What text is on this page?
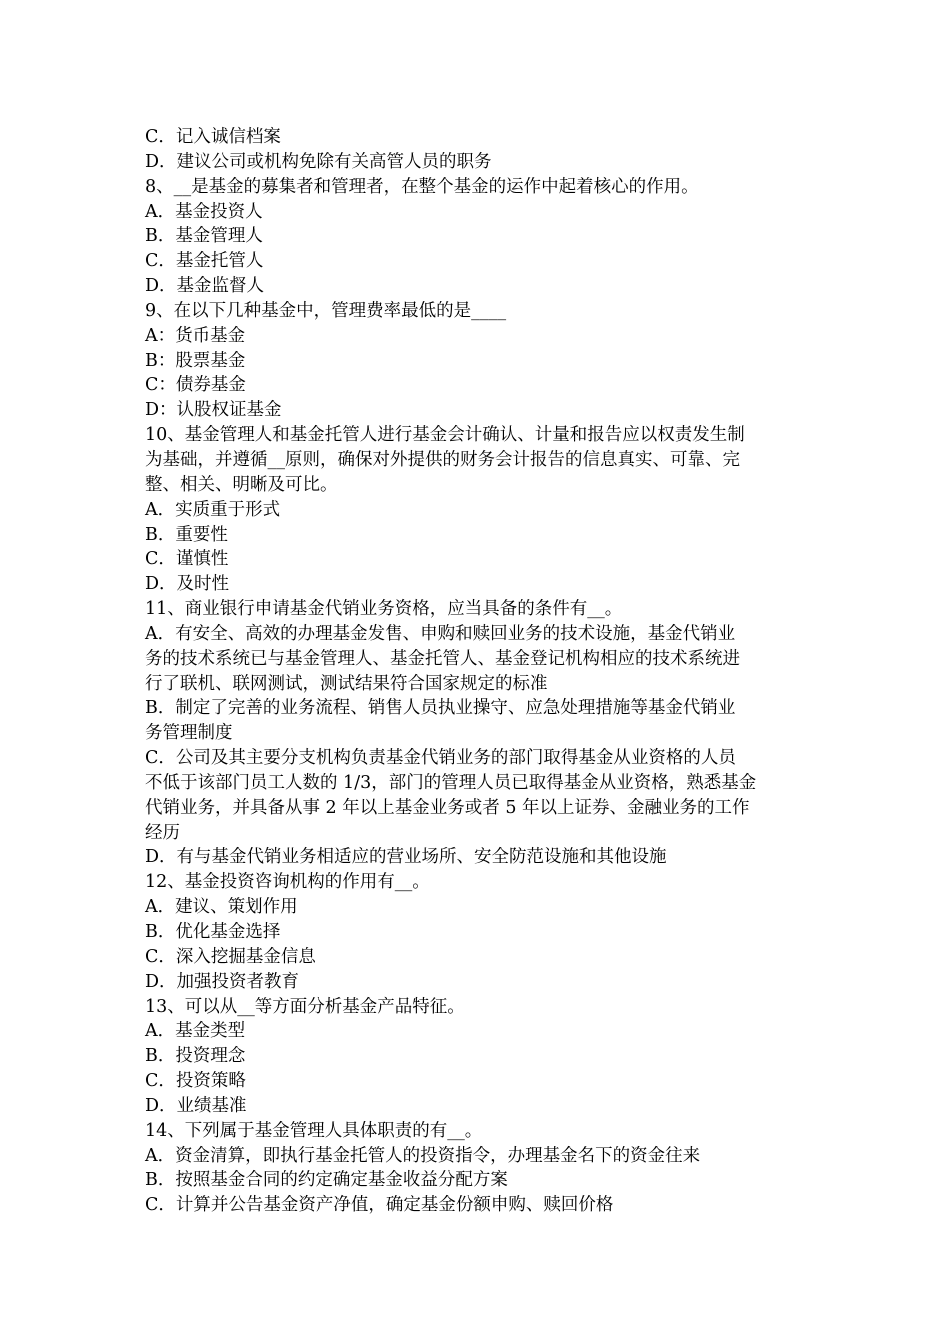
C．记入诚信档案

D．建议公司或机构免除有关高管人员的职务

8、__是基金的募集者和管理者，在整个基金的运作中起着核心的作用。

A．基金投资人

B．基金管理人

C．基金托管人

D．基金监督人

9、在以下几种基金中，管理费率最低的是____

A：货币基金

B：股票基金

C：债券基金

D：认股权证基金

10、基金管理人和基金托管人进行基金会计确认、计量和报告应以权责发生制

为基础，并遵循__原则，确保对外提供的财务会计报告的信息真实、可靠、完

整、相关、明晰及可比。

A．实质重于形式

B．重要性

C．谨慎性

D．及时性

11、商业银行申请基金代销业务资格，应当具备的条件有__。

A．有安全、高效的办理基金发售、申购和赎回业务的技术设施，基金代销业

务的技术系统已与基金管理人、基金托管人、基金登记机构相应的技术系统进

行了联机、联网测试，测试结果符合国家规定的标准

B．制定了完善的业务流程、销售人员执业操守、应急处理措施等基金代销业

务管理制度

C．公司及其主要分支机构负责基金代销业务的部门取得基金从业资格的人员

不低于该部门员工人数的 1/3，部门的管理人员已取得基金从业资格，熟悉基金

代销业务，并具备从事 2 年以上基金业务或者 5 年以上证券、金融业务的工作

经历

D．有与基金代销业务相适应的营业场所、安全防范设施和其他设施

12、基金投资咨询机构的作用有__。

A．建议、策划作用

B．优化基金选择

C．深入挖掘基金信息

D．加强投资者教育

13、可以从__等方面分析基金产品特征。

A．基金类型

B．投资理念

C．投资策略

D．业绩基准

14、下列属于基金管理人具体职责的有__。

A．资金清算，即执行基金托管人的投资指令，办理基金名下的资金往来

B．按照基金合同的约定确定基金收益分配方案

C．计算并公告基金资产净值，确定基金份额申购、赎回价格
